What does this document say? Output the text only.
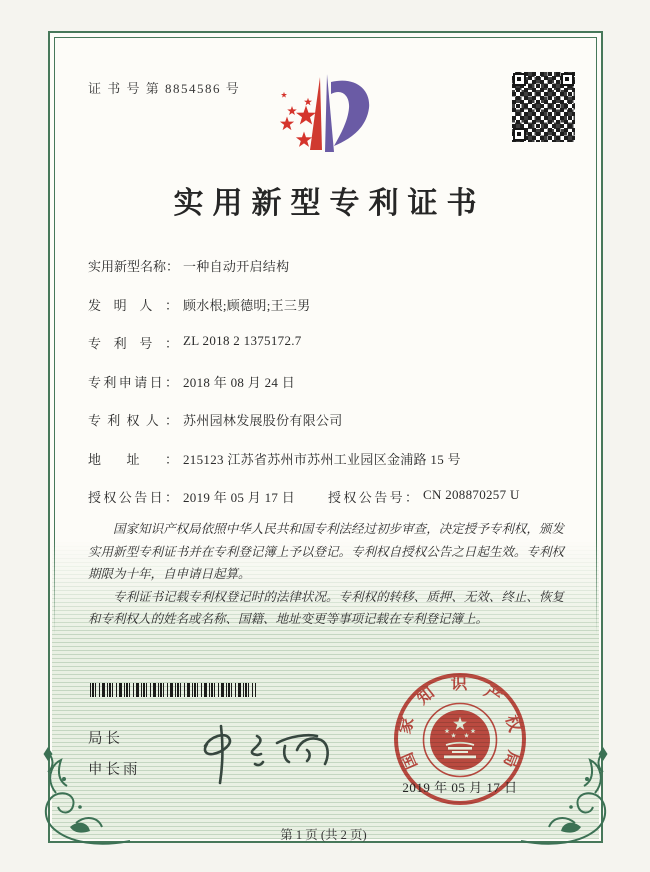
证 书 号 第 8854586 号
实用新型专利证书
实用新型名称： 一种自动开启结构
发明人： 顾水根;顾德明;王三男
专利号： ZL 2018 2 1375172.7
专利申请日： 2018 年 08 月 24 日
专利权人： 苏州园林发展股份有限公司
地址： 215123 江苏省苏州市苏州工业园区金浦路 15 号
授权公告日： 2019 年 05 月 17 日	授权公告号： CN 208870257 U

国家知识产权局依照中华人民共和国专利法经过初步审查，决定授予专利权，颁发实用新型专利证书并在专利登记簿上予以登记。专利权自授权公告之日起生效。专利权期限为十年，自申请日起算。

专利证书记载专利权登记时的法律状况。专利权的转移、质押、无效、终止、恢复和专利权人的姓名或名称、国籍、地址变更等事项记载在专利登记簿上。

局长
申长雨	国家知识产权局
2019 年 05 月 17 日
第 1 页 (共 2 页)
